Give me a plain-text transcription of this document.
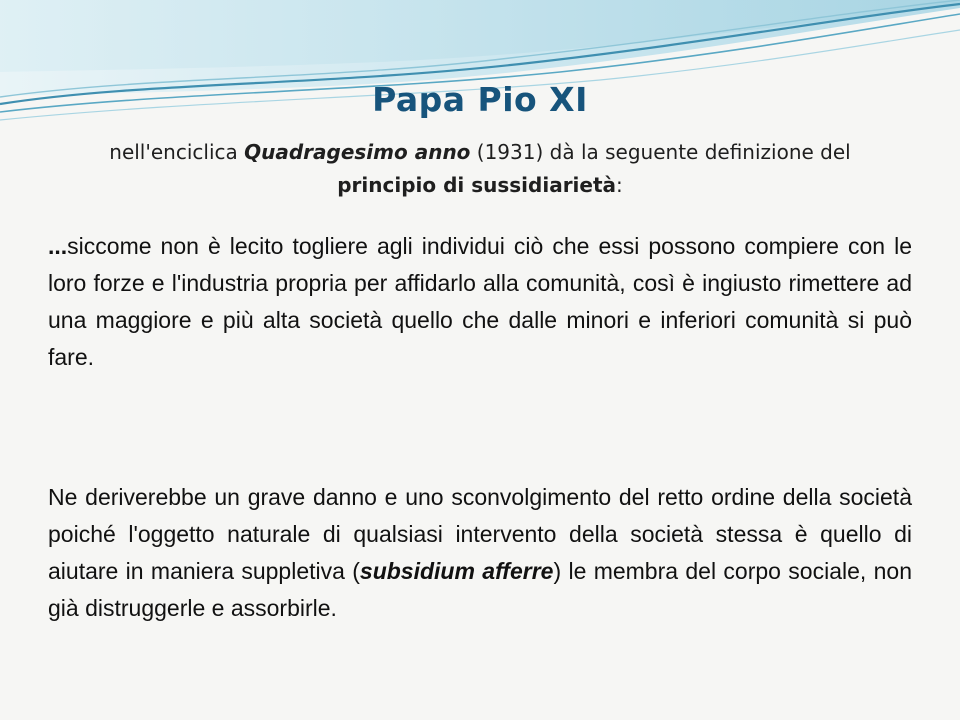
Papa Pio XI
nell'enciclica Quadragesimo anno (1931) dà la seguente definizione del principio di sussidiarietà:
...siccome non è lecito togliere agli individui ciò che essi possono compiere con le loro forze e l'industria propria per affidarlo alla comunità, così è ingiusto rimettere ad una maggiore e più alta società quello che dalle minori e inferiori comunità si può fare.
Ne deriverebbe un grave danno e uno sconvolgimento del retto ordine della società poiché l'oggetto naturale di qualsiasi intervento della società stessa è quello di aiutare in maniera suppletiva (subsidium afferre) le membra del corpo sociale, non già distruggerle e assorbirle.
